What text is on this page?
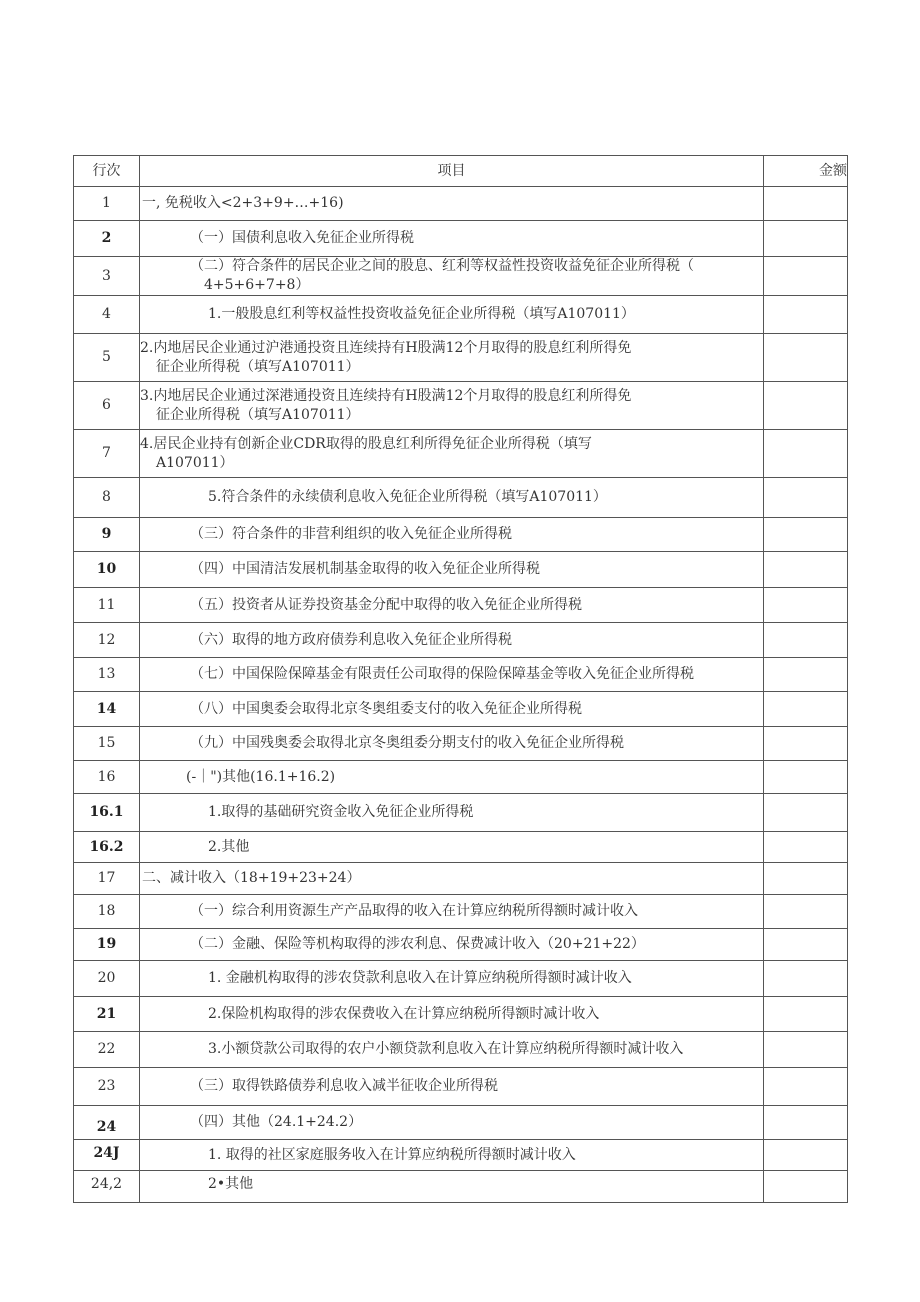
行次	项目	金额
1	一, 免税收入<2+3+9+…+16)	

2	（一）国债利息收入免征企业所得税	

3	（二）符合条件的居民企业之间的股息、红利等权益性投资收益免征企业所得税（
4+5+6+7+8）	

4	1.一般股息红利等权益性投资收益免征企业所得税（填写A107011）	

5	2.内地居民企业通过沪港通投资且连续持有H股满12个月取得的股息红利所得免
征企业所得税（填写A107011）	

6	3.内地居民企业通过深港通投资且连续持有H股满12个月取得的股息红利所得免
征企业所得税（填写A107011）	

7	4.居民企业持有创新企业CDR取得的股息红利所得免征企业所得税（填写
A107011）	

8	5.符合条件的永续债利息收入免征企业所得税（填写A107011）	

9	（三）符合条件的非营利组织的收入免征企业所得税	

10	（四）中国清洁发展机制基金取得的收入免征企业所得税	

11	（五）投资者从证券投资基金分配中取得的收入免征企业所得税	

12	（六）取得的地方政府债券利息收入免征企业所得税	

13	（七）中国保险保障基金有限责任公司取得的保险保障基金等收入免征企业所得税	

14	（八）中国奥委会取得北京冬奥组委支付的收入免征企业所得税	

15	（九）中国残奥委会取得北京冬奥组委分期支付的收入免征企业所得税	

16	(-｜")其他(16.1+16.2)	

16.1	1.取得的基础研究资金收入免征企业所得税	

16.2	2.其他	

17	二、减计收入（18+19+23+24）	

18	（一）综合利用资源生产产品取得的收入在计算应纳税所得额时减计收入	

19	（二）金融、保险等机构取得的涉农利息、保费减计收入（20+21+22）	

20	1. 金融机构取得的涉农贷款利息收入在计算应纳税所得额时减计收入	

21	2.保险机构取得的涉农保费收入在计算应纳税所得额时减计收入	

22	3.小额贷款公司取得的农户小额贷款利息收入在计算应纳税所得额时减计收入	

23	（三）取得铁路债券利息收入减半征收企业所得税	

24	（四）其他（24.1+24.2）	

24J	1. 取得的社区家庭服务收入在计算应纳税所得额时减计收入	

24,2	2•其他	
